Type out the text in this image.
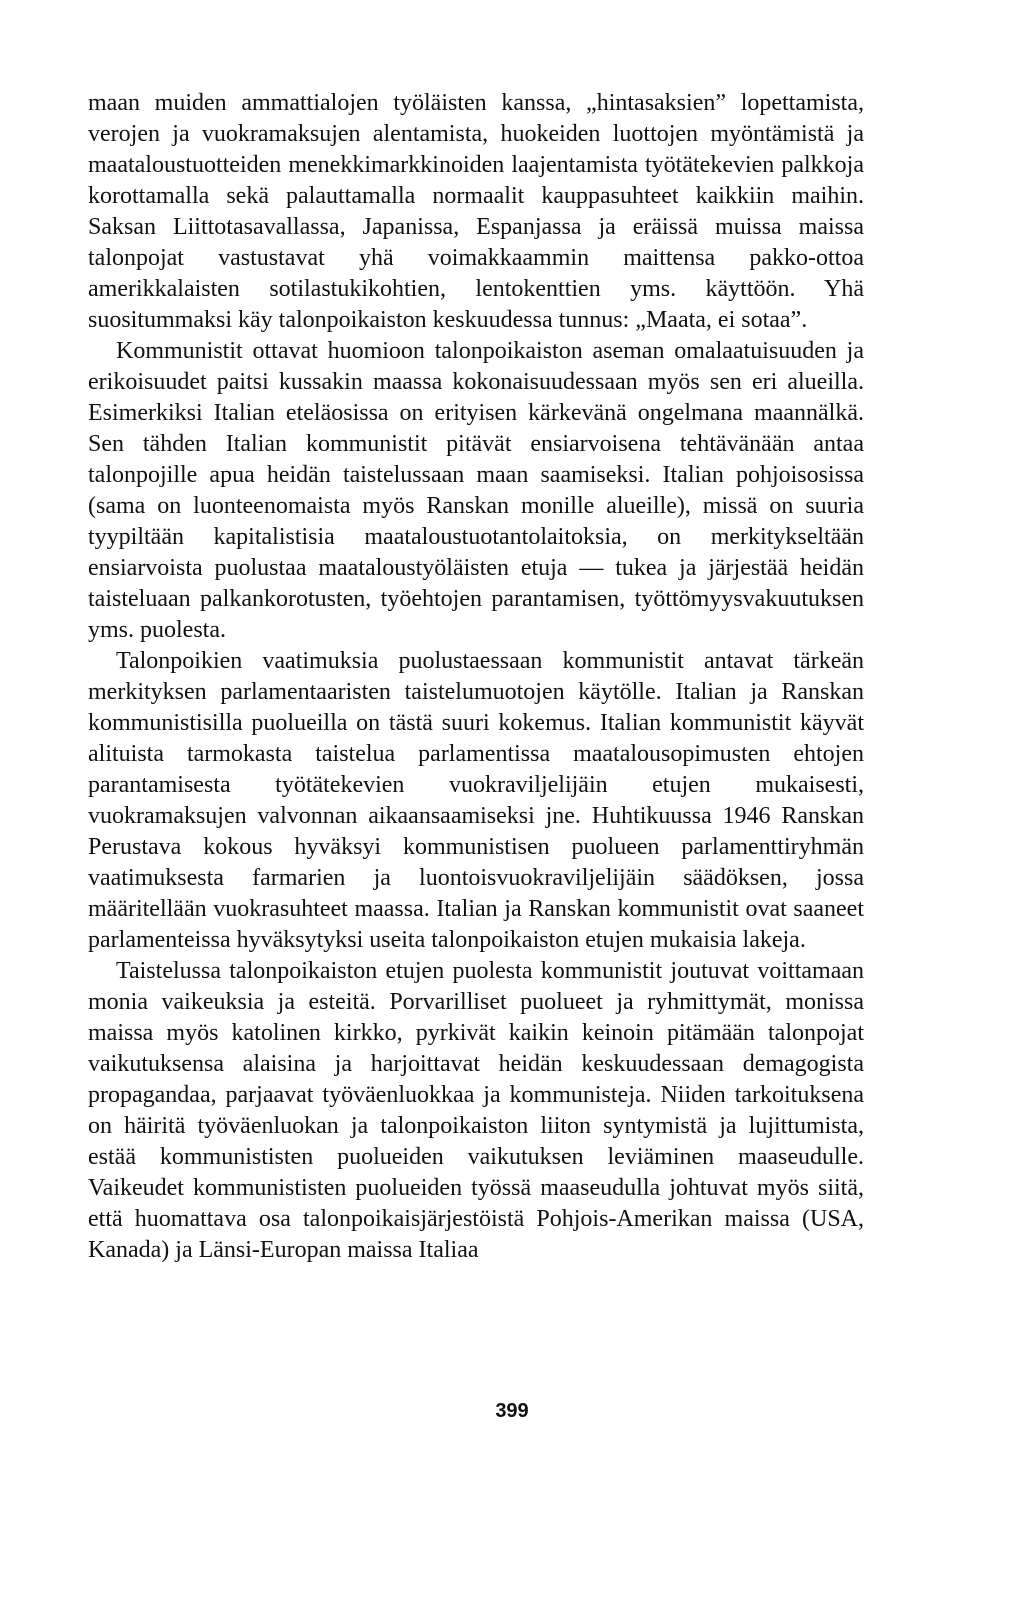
maan muiden ammattialojen työläisten kanssa, „hintasaksien” lopettamista, verojen ja vuokramaksujen alentamista, huokeiden luottojen myöntämistä ja maataloustuotteiden menekkimarkkinoiden laajentamista työtätekevien palkkoja korottamalla sekä palauttamalla normaalit kauppasuhteet kaikkiin maihin. Saksan Liittotasavallassa, Japanissa, Espanjassa ja eräissä muissa maissa talonpojat vastustavat yhä voimakkaammin maittensa pakko-ottoa amerikkalaisten sotilastukikohtien, lentokenttien yms. käyttöön. Yhä suositummaksi käy talonpoikaiston keskuudessa tunnus: „Maata, ei sotaa”.

Kommunistit ottavat huomioon talonpoikaiston aseman omalaatuisuuden ja erikoisuudet paitsi kussakin maassa kokonaisuudessaan myös sen eri alueilla. Esimerkiksi Italian eteläosissa on erityisen kärkevänä ongelmana maannälkä. Sen tähden Italian kommunistit pitävät ensiarvoisena tehtävänään antaa talonpojille apua heidän taistelussaan maan saamiseksi. Italian pohjoisosissa (sama on luonteenomaista myös Ranskan monille alueille), missä on suuria tyypiltään kapitalistisia maataloustuotantolaitoksia, on merkitykseltään ensiarvoista puolustaa maataloustyöläisten etuja — tukea ja järjestää heidän taisteluaan palkankorotusten, työehtojen parantamisen, työttömyysvakuutuksen yms. puolesta.

Talonpoikien vaatimuksia puolustaessaan kommunistit antavat tärkeän merkityksen parlamentaaristen taistelumuotojen käytölle. Italian ja Ranskan kommunistisilla puolueilla on tästä suuri kokemus. Italian kommunistit käyvät alituista tarmokasta taistelua parlamentissa maatalousopimusten ehtojen parantamisesta työtätekevien vuokraviljelijäin etujen mukaisesti, vuokramaksujen valvonnan aikaansaamiseksi jne. Huhtikuussa 1946 Ranskan Perustava kokous hyväksyi kommunistisen puolueen parlamenttiryhmän vaatimuksesta farmarien ja luontoisvuokraviljelijäin säädöksen, jossa määritellään vuokrasuhteet maassa. Italian ja Ranskan kommunistit ovat saaneet parlamenteissa hyväksytyksi useita talonpoikaiston etujen mukaisia lakeja.

Taistelussa talonpoikaiston etujen puolesta kommunistit joutuvat voittamaan monia vaikeuksia ja esteitä. Porvarilliset puolueet ja ryhmittymät, monissa maissa myös katolinen kirkko, pyrkivät kaikin keinoin pitämään talonpojat vaikutuksensa alaisina ja harjoittavat heidän keskuudessaan demagogista propagandaa, parjaavat työväenluokkaa ja kommunisteja. Niiden tarkoituksena on häiritä työväenluokan ja talonpoikaiston liiton syntymistä ja lujittumista, estää kommunististen puolueiden vaikutuksen leviäminen maaseudulle. Vaikeudet kommunististen puolueiden työssä maaseudulla johtuvat myös siitä, että huomattava osa talonpoikaisjärjestöistä Pohjois-Amerikan maissa (USA, Kanada) ja Länsi-Europan maissa Italiaa

399
